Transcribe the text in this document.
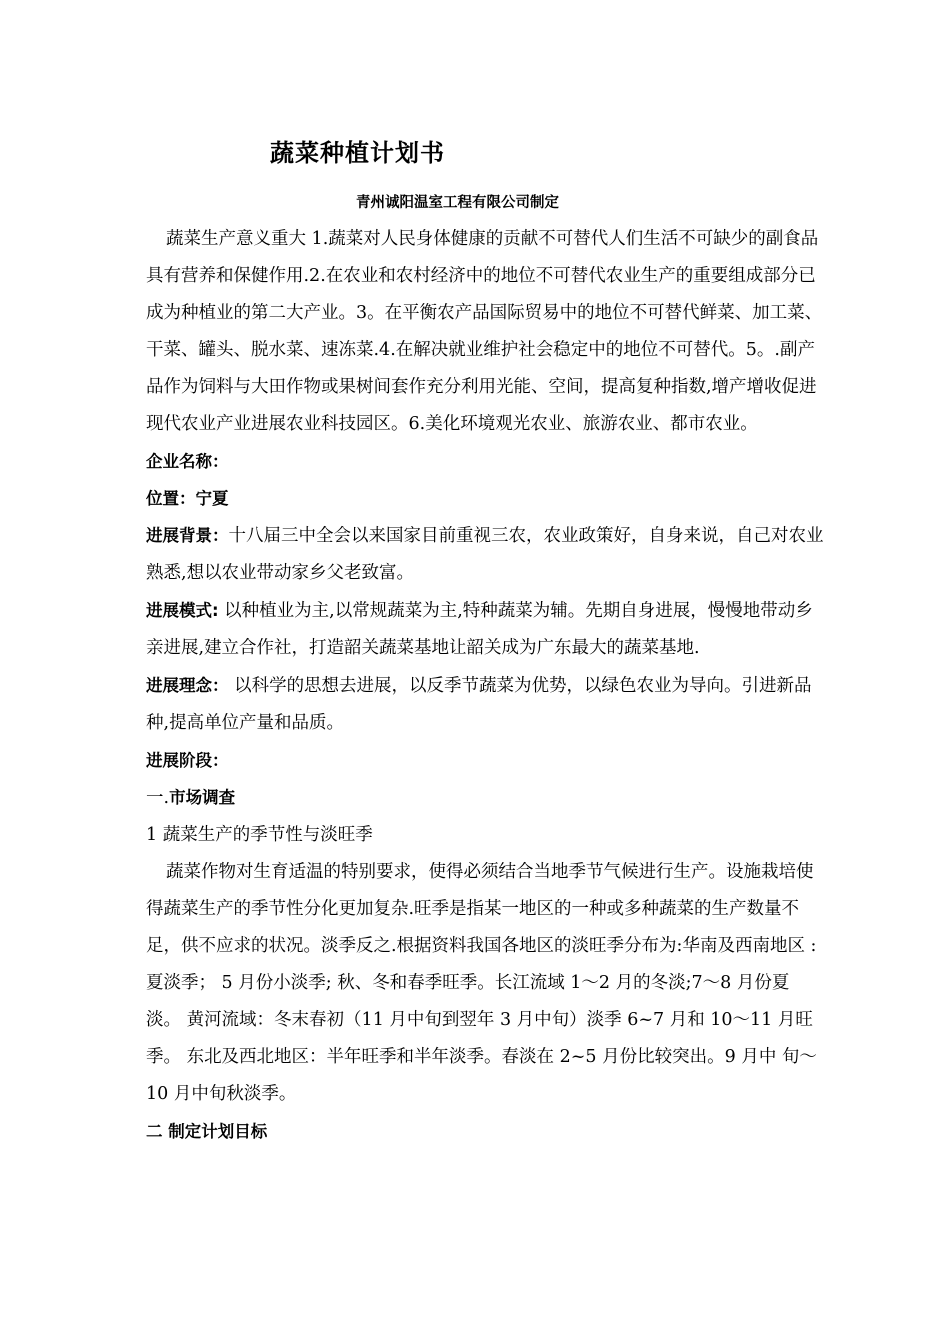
蔬菜种植计划书
青州诚阳温室工程有限公司制定

蔬菜生产意义重大 1.蔬菜对人民身体健康的贡献不可替代人们生活不可缺少的副食品具有营养和保健作用.2.在农业和农村经济中的地位不可替代农业生产的重要组成部分已成为种植业的第二大产业。3。在平衡农产品国际贸易中的地位不可替代鲜菜、加工菜、干菜、罐头、脱水菜、速冻菜.4.在解决就业维护社会稳定中的地位不可替代。5。.副产品作为饲料与大田作物或果树间套作充分利用光能、空间，提高复种指数,增产增收促进现代农业产业进展农业科技园区。6.美化环境观光农业、旅游农业、都市农业。

企业名称：

位置：宁夏

进展背景：十八届三中全会以来国家目前重视三农，农业政策好，自身来说，自己对农业熟悉,想以农业带动家乡父老致富。

进展模式: 以种植业为主,以常规蔬菜为主,特种蔬菜为辅。先期自身进展，慢慢地带动乡亲进展,建立合作社，打造韶关蔬菜基地让韶关成为广东最大的蔬菜基地.

进展理念： 以科学的思想去进展，以反季节蔬菜为优势，以绿色农业为导向。引进新品种,提高单位产量和品质。

进展阶段：

一.市场调查

1 蔬菜生产的季节性与淡旺季

蔬菜作物对生育适温的特别要求，使得必须结合当地季节气候进行生产。设施栽培使得蔬菜生产的季节性分化更加复杂.旺季是指某一地区的一种或多种蔬菜的生产数量不足，供不应求的状况。淡季反之.根据资料我国各地区的淡旺季分布为:华南及西南地区 :夏淡季； 5 月份小淡季; 秋、冬和春季旺季。长江流域 1～2 月的冬淡;7～8 月份夏淡。 黄河流域：冬末春初（11 月中旬到翌年 3 月中旬）淡季 6~7 月和 10～11 月旺季。 东北及西北地区：半年旺季和半年淡季。春淡在 2~5 月份比较突出。9 月中 旬～10 月中旬秋淡季。

二 制定计划目标
